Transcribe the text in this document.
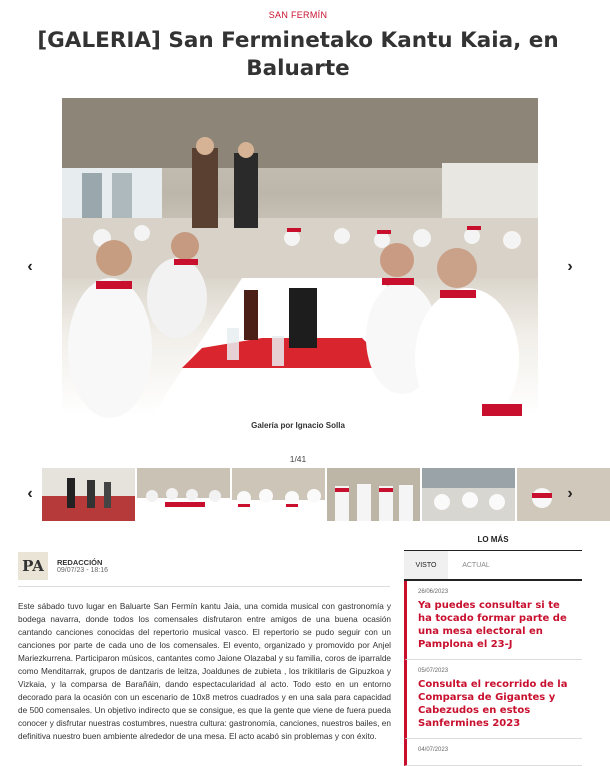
SAN FERMÍN
[GALERIA] San Ferminetako Kantu Kaia, en Baluarte
‹	›
Galería por Ignacio Solla
1/41
‹	›
PA	REDACCIÓN
09/07/23 - 18:16
Este sábado tuvo lugar en Baluarte San Fermín kantu Jaia, una comida musical con gastronomía y bodega navarra, donde todos los comensales disfrutaron entre amigos de una buena ocasión cantando canciones conocidas del repertorio musical vasco. El repertorio se pudo seguir con un canciones por parte de cada uno de los comensales. El evento, organizado y promovido por Anjel Mariezkurrena. Participaron músicos, cantantes como Jaione Olazabal y su familia, coros de iparralde como Menditarrak, grupos de dantzaris de leitza, Joaldunes de zubieta , los trikitilaris de Gipuzkoa y Vizkaia, y la comparsa de Barañáin, dando espectacularidad al acto. Todo esto en un entorno decorado para la ocasión con un escenario de 10x8 metros cuadrados y en una sala para capacidad de 500 comensales. Un objetivo indirecto que se consigue, es que la gente que viene de fuera pueda conocer y disfrutar nuestras costumbres, nuestra cultura: gastronomía, canciones, nuestros bailes, en definitiva nuestro buen ambiente alrededor de una mesa. El acto acabó sin problemas y con éxito.
LO MÁS
VISTO	ACTUAL
26/06/2023
Ya puedes consultar si te ha tocado formar parte de una mesa electoral en Pamplona el 23-J
05/07/2023
Consulta el recorrido de la Comparsa de Gigantes y Cabezudos en estos Sanfermines 2023
04/07/2023
